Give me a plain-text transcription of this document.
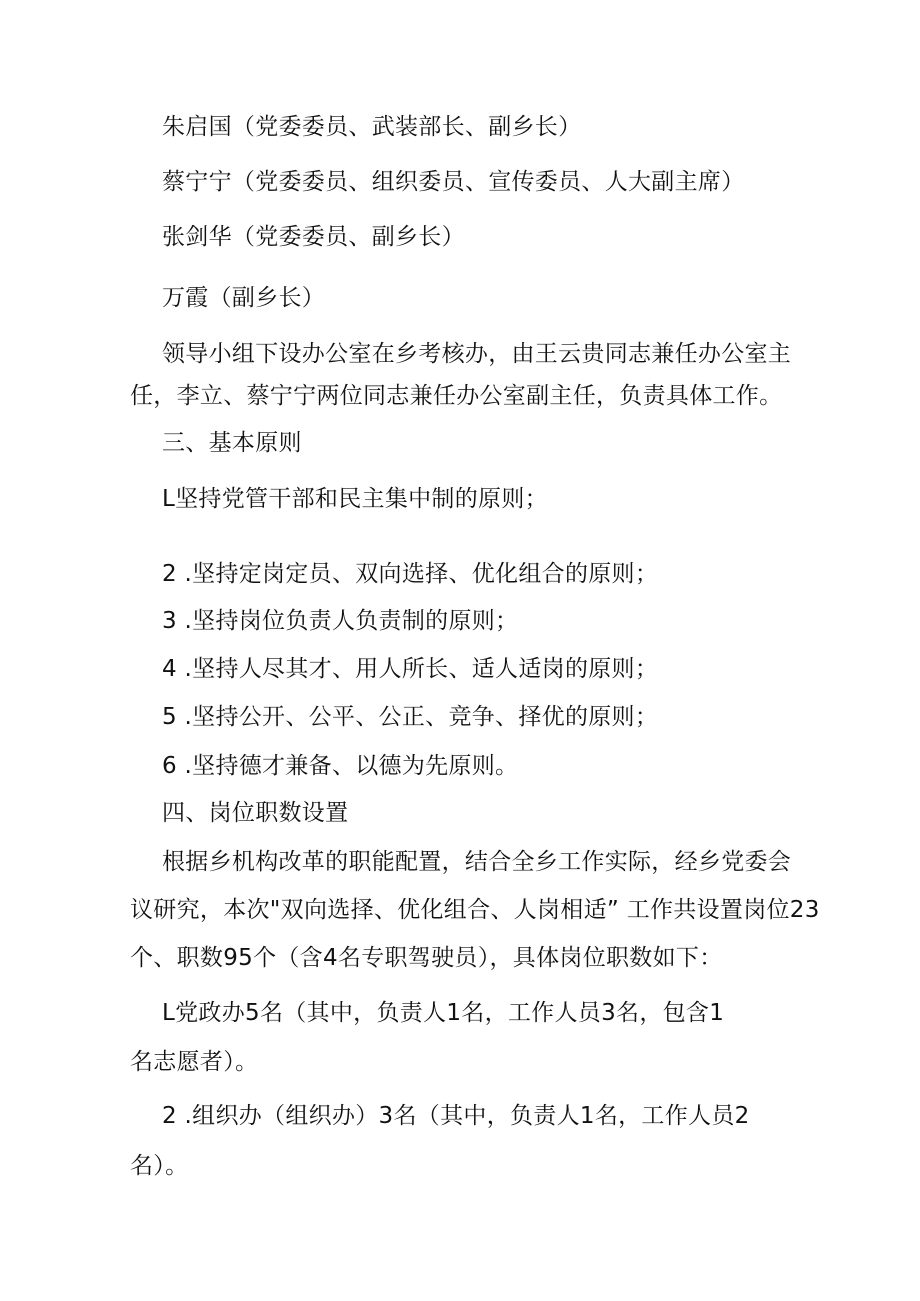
朱启国（党委委员、武装部长、副乡长）
蔡宁宁（党委委员、组织委员、宣传委员、人大副主席）
张剑华（党委委员、副乡长）
万霞（副乡长）
领导小组下设办公室在乡考核办，由王云贵同志兼任办公室主
任，李立、蔡宁宁两位同志兼任办公室副主任，负责具体工作。
三、基本原则
L坚持党管干部和民主集中制的原则；
2 .坚持定岗定员、双向选择、优化组合的原则；
3 .坚持岗位负责人负责制的原则；
4 .坚持人尽其才、用人所长、适人适岗的原则；
5 .坚持公开、公平、公正、竞争、择优的原则；
6 .坚持德才兼备、以德为先原则。
四、岗位职数设置
根据乡机构改革的职能配置，结合全乡工作实际，经乡党委会
议研究，本次"双向选择、优化组合、人岗相适” 工作共设置岗位23
个、职数95个（含4名专职驾驶员），具体岗位职数如下：
L党政办5名（其中，负责人1名，工作人员3名，包含1
名志愿者）。
2 .组织办（组织办）3名（其中，负责人1名，工作人员2
名）。
